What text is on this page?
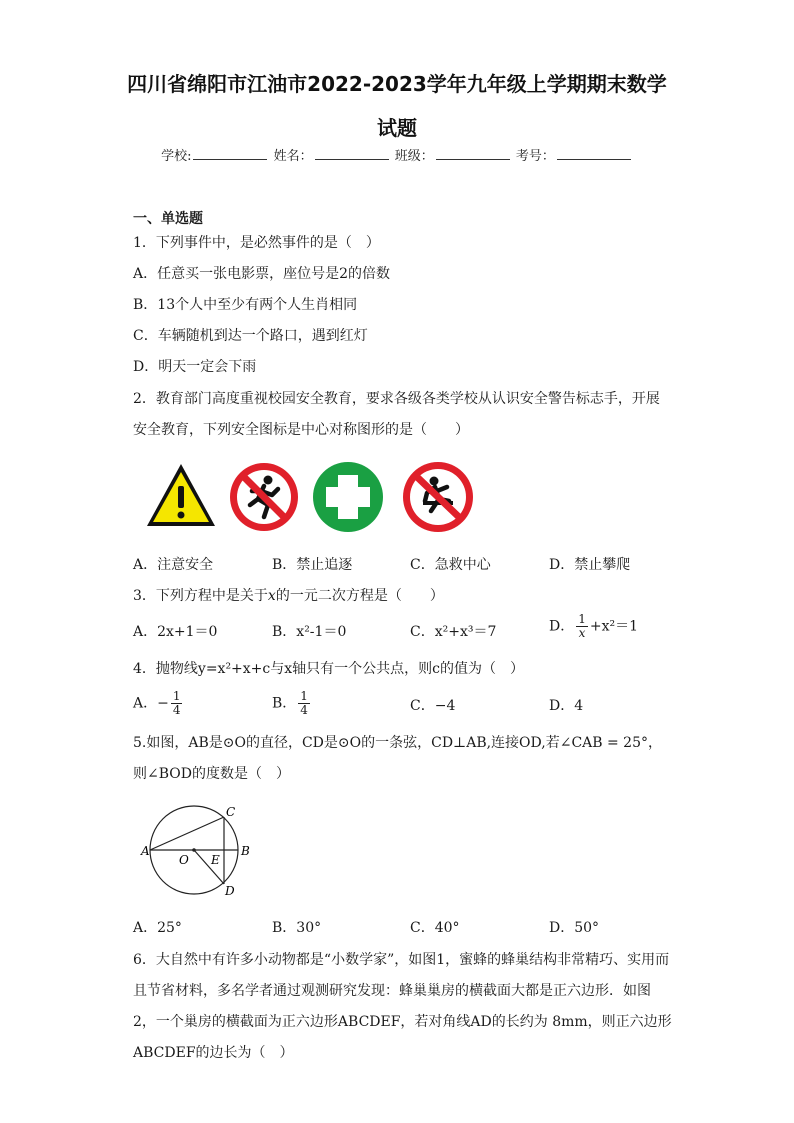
四川省绵阳市江油市2022-2023学年九年级上学期期末数学
试题
学校:	姓名：	班级：	考号：
一、单选题
1．下列事件中，是必然事件的是（　）
A．任意买一张电影票，座位号是2的倍数
B．13个人中至少有两个人生肖相同
C．车辆随机到达一个路口，遇到红灯
D．明天一定会下雨
2．教育部门高度重视校园安全教育，要求各级各类学校从认识安全警告标志手，开展
安全教育，下列安全图标是中心对称图形的是（　　）
A．注意安全	B．禁止追逐	C．急救中心	D．禁止攀爬
3．下列方程中是关于x的一元二次方程是（　　）
A．2x+1＝0	B．x²-1＝0	C．x²+x³＝7	D． $\frac{1}{x} +x^2=1$
4．抛物线y=x²+x+c与x轴只有一个公共点，则c的值为（　）
A．− $\frac{1}{4}$	B． $\frac{1}{4}$	C．−4	D．4
5.如图，AB是⊙O的直径，CD是⊙O的一条弦，CD⊥AB,连接OD,若∠CAB = 25°，
则∠BOD的度数是（　）
A	B
C
D
O E
A．25°	B．30°	C．40°	D．50°
6．大自然中有许多小动物都是“小数学家”，如图1，蜜蜂的蜂巢结构非常精巧、实用而
且节省材料，多名学者通过观测研究发现：蜂巢巢房的横截面大都是正六边形．如图
2，一个巢房的横截面为正六边形ABCDEF，若对角线AD的长约为 8mm，则正六边形
ABCDEF的边长为（　）
